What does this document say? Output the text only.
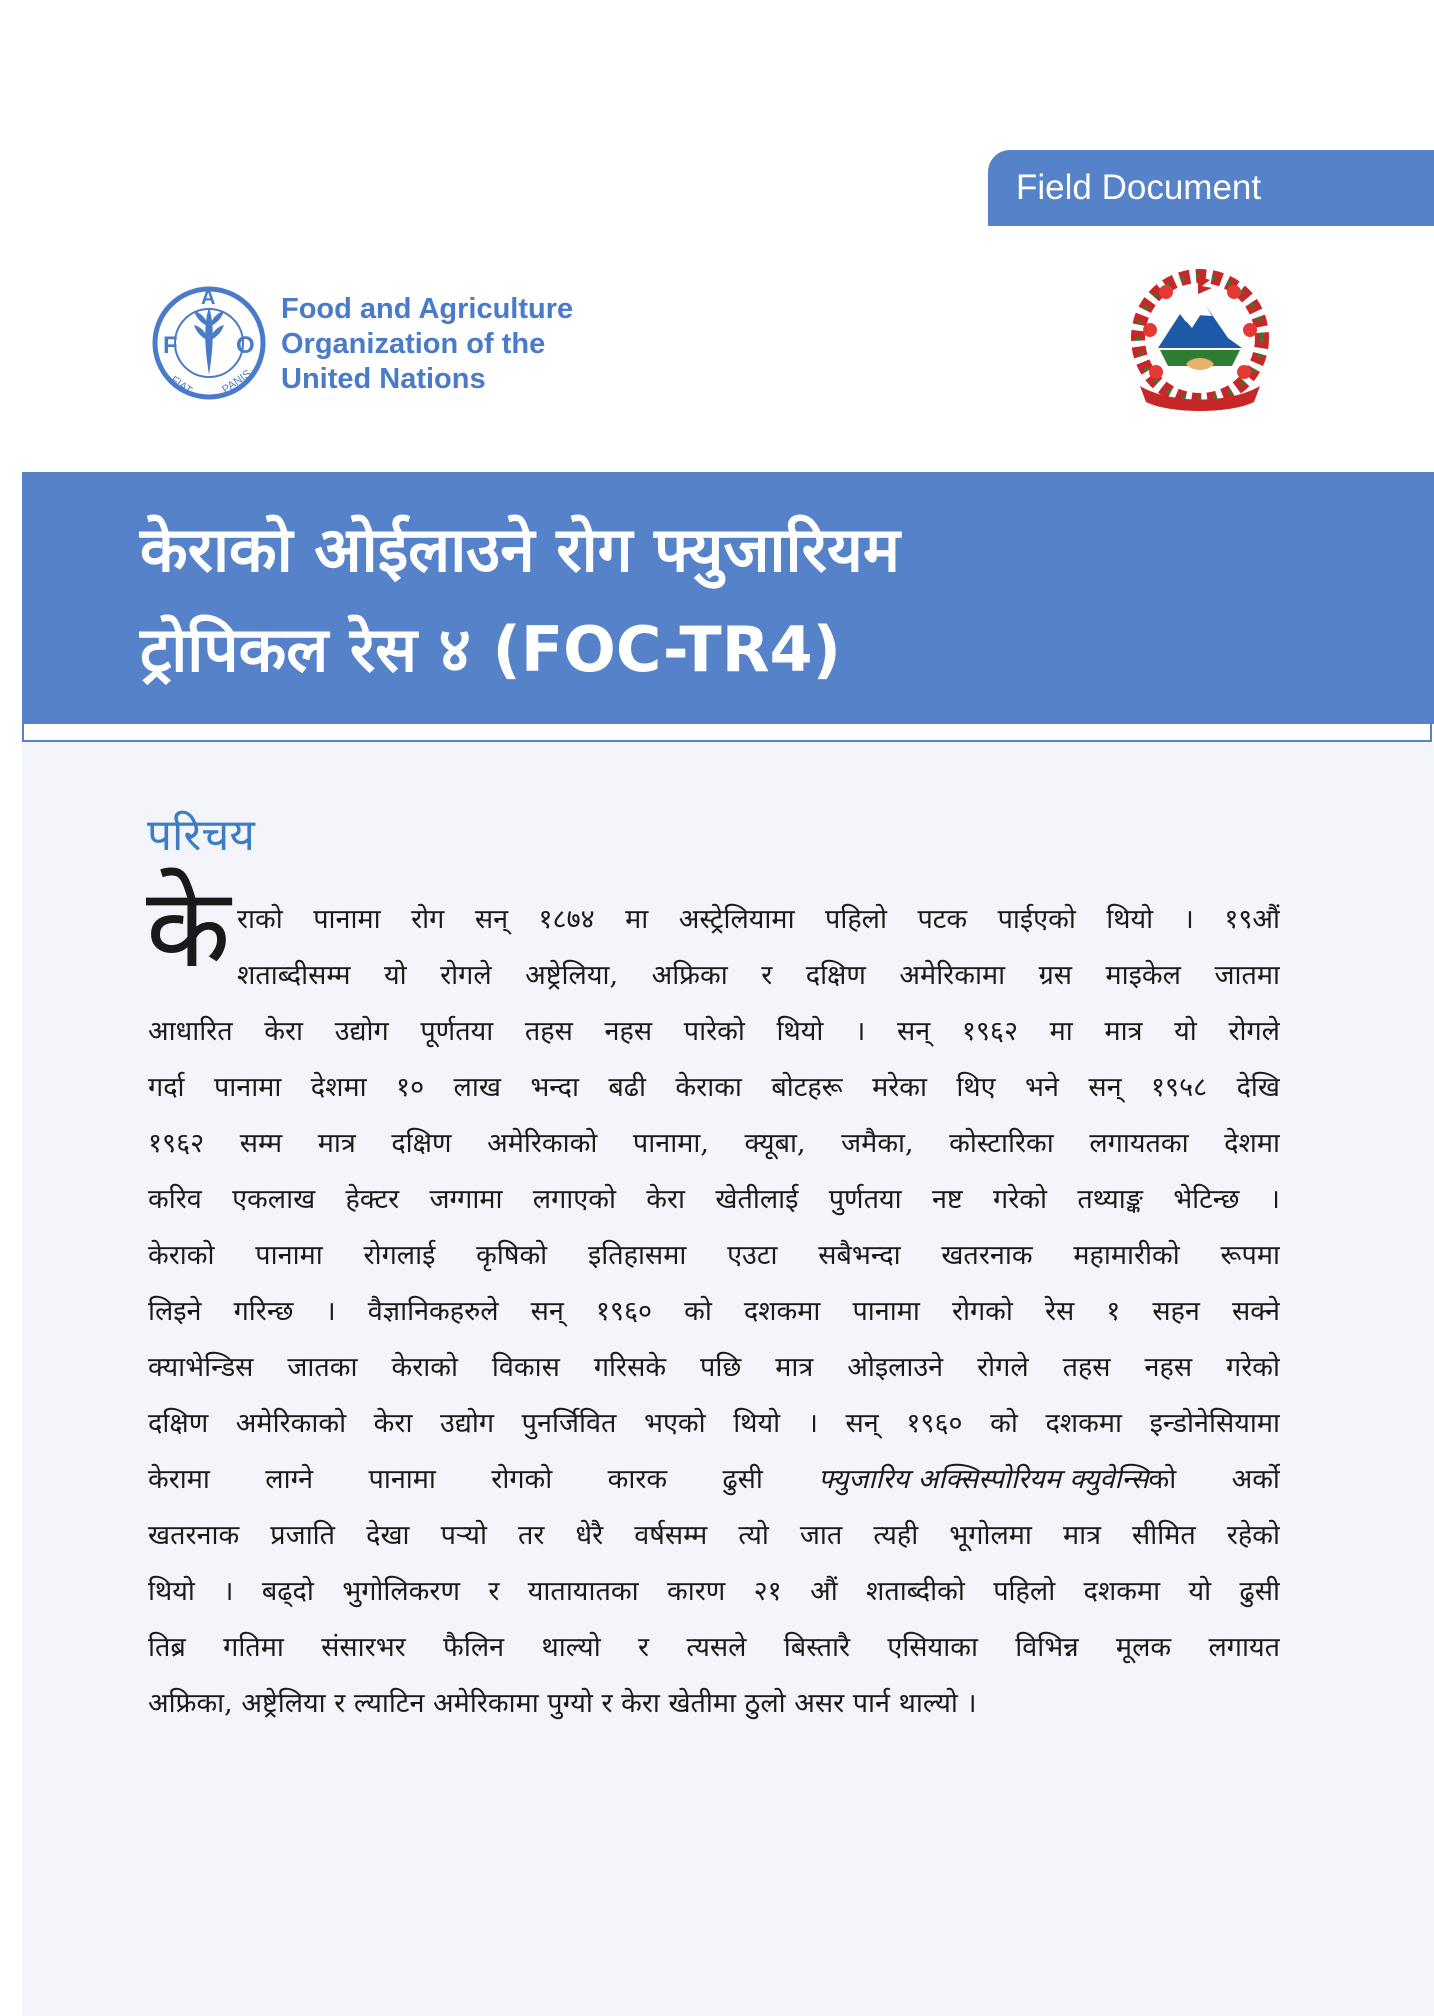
Field Document
F
A
O
FIAT PANIS
Food and Agriculture
Organization of the
United Nations
केराको ओईलाउने रोग फ्युजारियम
ट्रोपिकल रेस ४ (FOC-TR4)
परिचय
के राको पानामा रोग सन् १८७४ मा अस्ट्रेलियामा पहिलो पटक पाईएको थियो । १९औं
शताब्दीसम्म यो रोगले अष्ट्रेलिया, अफ्रिका र दक्षिण अमेरिकामा ग्रस माइकेल जातमा
आधारित केरा उद्योग पूर्णतया तहस नहस पारेको थियो । सन् १९६२ मा मात्र यो रोगले
गर्दा पानामा देशमा १० लाख भन्दा बढी केराका बोटहरू मरेका थिए भने सन् १९५८ देखि
१९६२ सम्म मात्र दक्षिण अमेरिकाको पानामा, क्यूबा, जमैका, कोस्टारिका लगायतका देशमा
करिव एकलाख हेक्टर जग्गामा लगाएको केरा खेतीलाई पुर्णतया नष्ट गरेको तथ्याङ्क भेटिन्छ ।
केराको पानामा रोगलाई कृषिको इतिहासमा एउटा सबैभन्दा खतरनाक महामारीको रूपमा
लिइने गरिन्छ । वैज्ञानिकहरुले सन् १९६० को दशकमा पानामा रोगको रेस १ सहन सक्ने
क्याभेन्डिस जातका केराको विकास गरिसके पछि मात्र ओइलाउने रोगले तहस नहस गरेको
दक्षिण अमेरिकाको केरा उद्योग पुनर्जिवित भएको थियो । सन् १९६० को दशकमा इन्डोनेसियामा
केरामा लाग्ने पानामा रोगको कारक ढुसी फ्युजारिय अक्सिस्पोरियम क्युवेन्सिको अर्को
खतरनाक प्रजाति देखा पर्‍यो तर धेरै वर्षसम्म त्यो जात त्यही भूगोलमा मात्र सीमित रहेको
थियो । बढ्दो भुगोलिकरण र यातायातका कारण २१ औं शताब्दीको पहिलो दशकमा यो ढुसी
तिब्र गतिमा संसारभर फैलिन थाल्यो र त्यसले बिस्तारै एसियाका विभिन्न मूलक लगायत
अफ्रिका, अष्ट्रेलिया र ल्याटिन अमेरिकामा पुग्यो र केरा खेतीमा ठुलो असर पार्न थाल्यो ।
